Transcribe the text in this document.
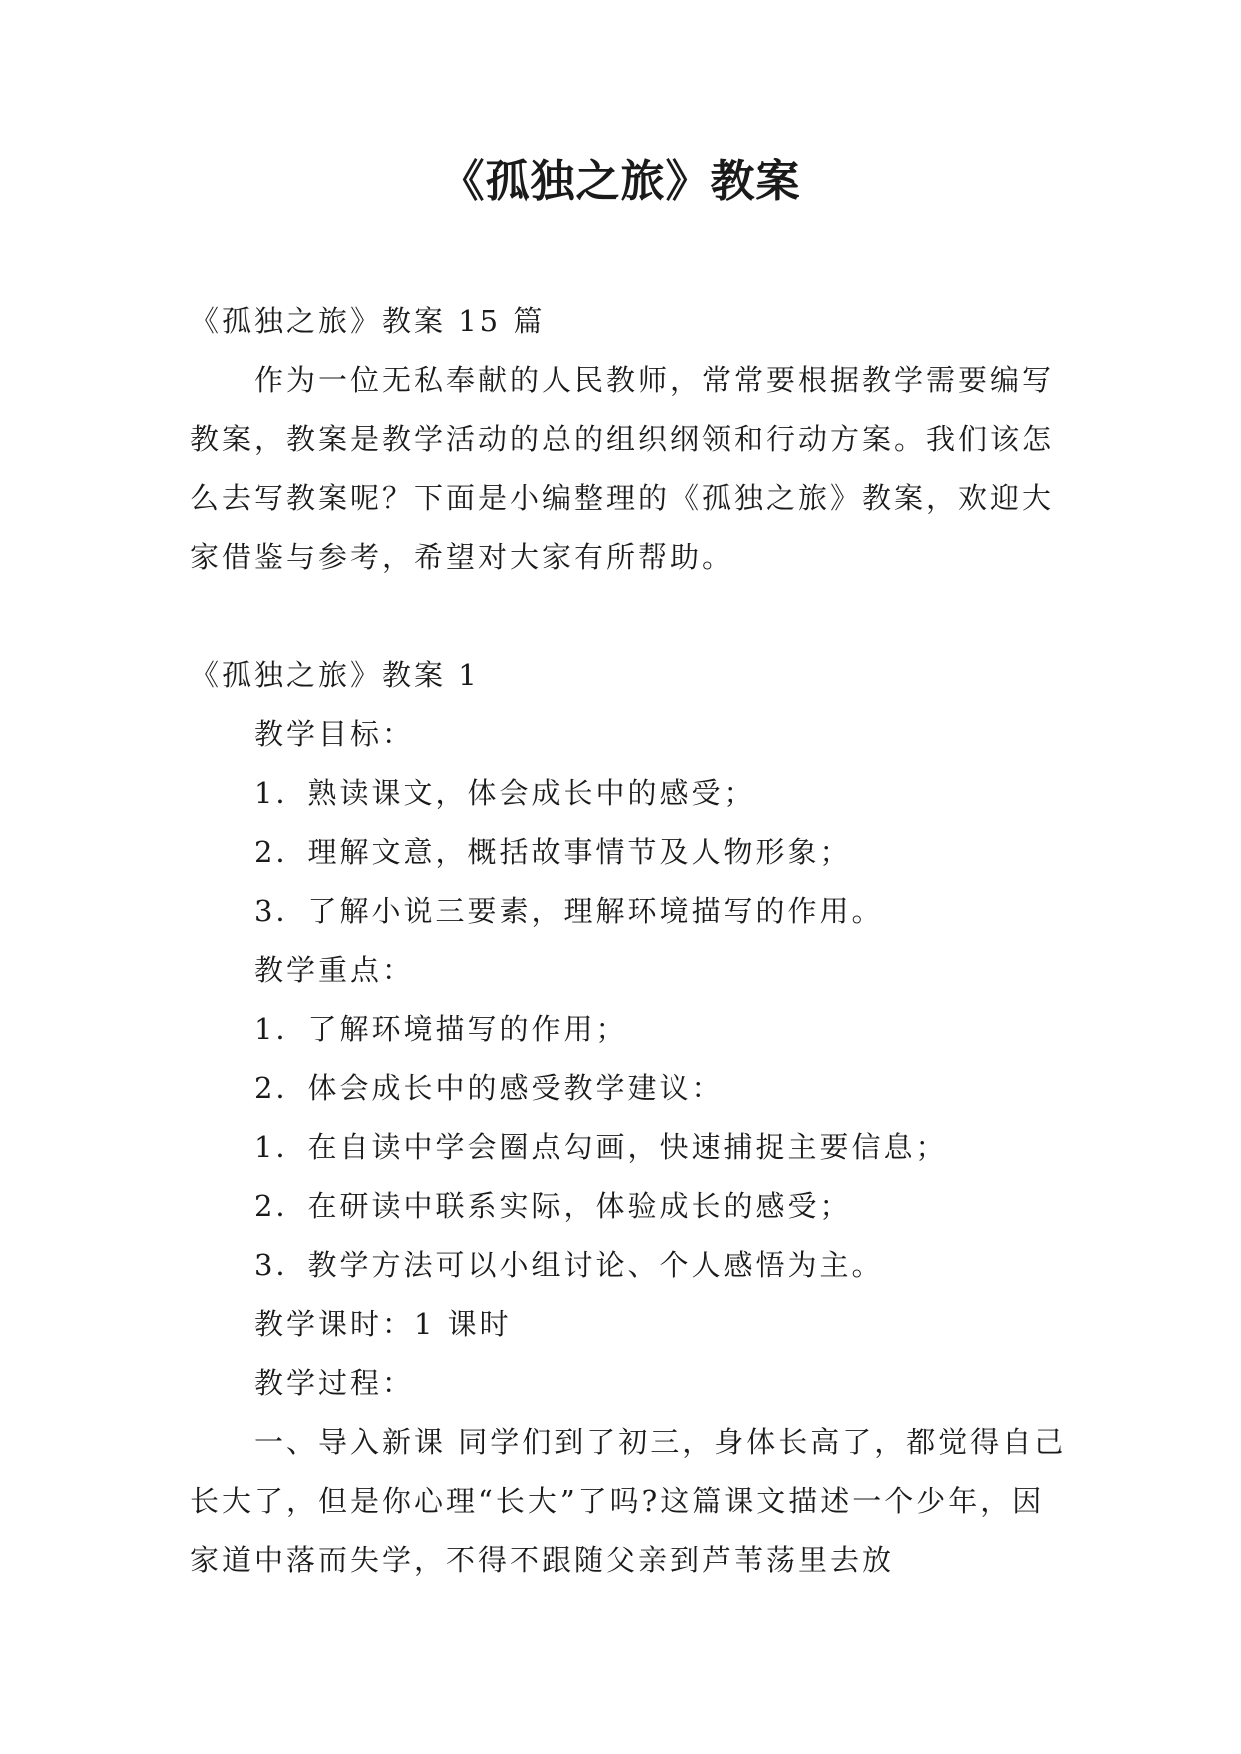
《孤独之旅》教案

《孤独之旅》教案 15 篇

作为一位无私奉献的人民教师，常常要根据教学需要编写教案，教案是教学活动的总的组织纲领和行动方案。我们该怎么去写教案呢？下面是小编整理的《孤独之旅》教案，欢迎大家借鉴与参考，希望对大家有所帮助。

《孤独之旅》教案 1

教学目标：

1．熟读课文，体会成长中的感受；

2．理解文意，概括故事情节及人物形象；

3．了解小说三要素，理解环境描写的作用。

教学重点：

1．了解环境描写的作用；

2．体会成长中的感受教学建议：

1．在自读中学会圈点勾画，快速捕捉主要信息；

2．在研读中联系实际，体验成长的感受；

3．教学方法可以小组讨论、个人感悟为主。

教学课时：1 课时

教学过程：

一、导入新课 同学们到了初三，身体长高了，都觉得自己长大了，但是你心理“长大”了吗?这篇课文描述一个少年，因家道中落而失学，不得不跟随父亲到芦苇荡里去放
